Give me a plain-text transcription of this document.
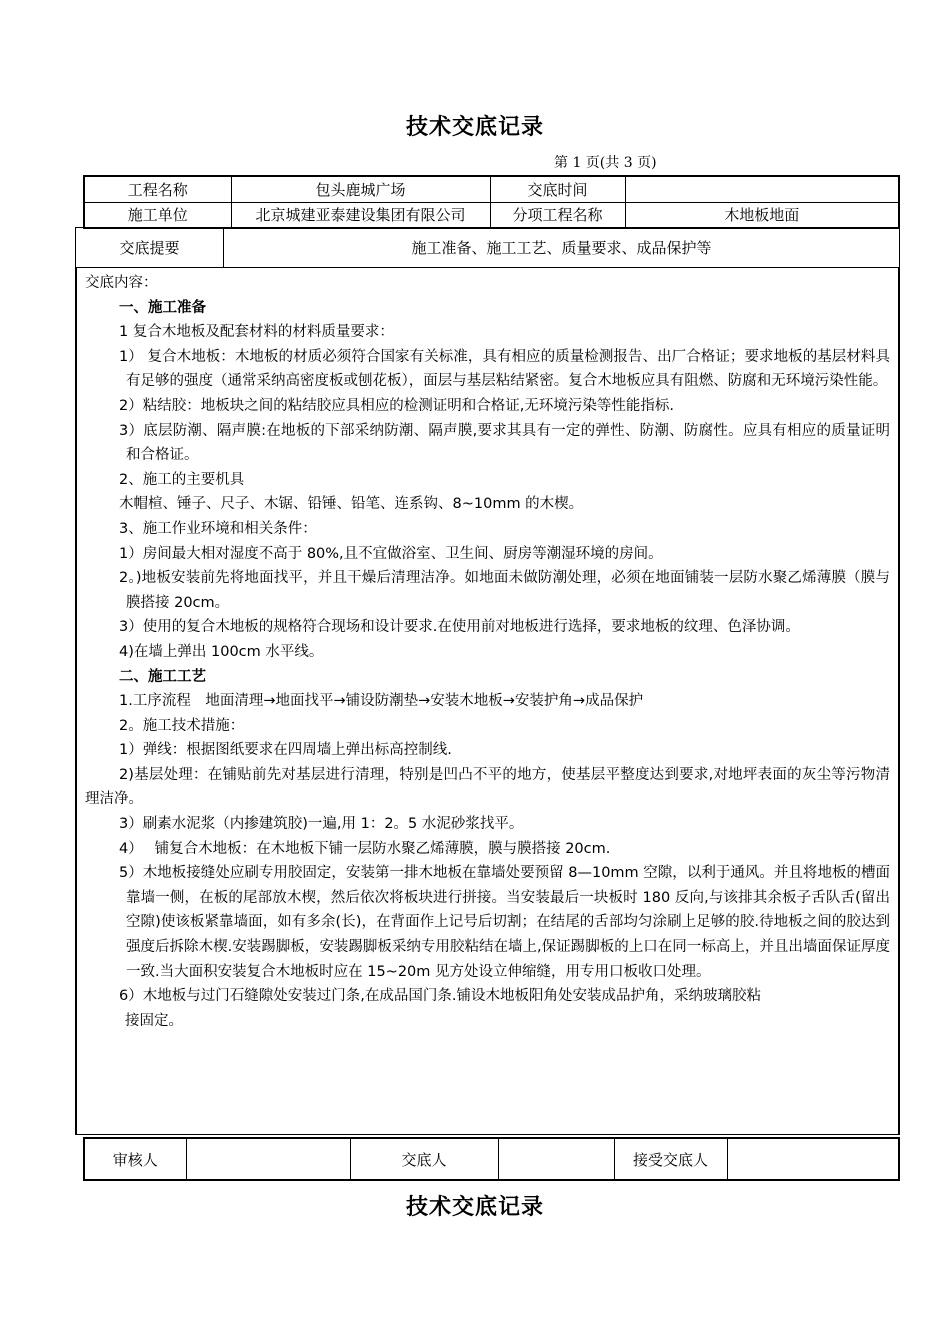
技术交底记录
第 1 页(共 3 页)
工程名称	包头鹿城广场	交底时间	
施工单位	北京城建亚泰建设集团有限公司	分项工程名称	木地板地面
交底提要	施工准备、施工工艺、质量要求、成品保护等

交底内容：

一、施工准备

1 复合木地板及配套材料的材料质量要求：

1） 复合木地板：木地板的材质必须符合国家有关标准，具有相应的质量检测报告、出厂合格证；要求地板的基层材料具有足够的强度（通常采纳高密度板或刨花板），面层与基层粘结紧密。复合木地板应具有阻燃、防腐和无环境污染性能。

2）粘结胶：地板块之间的粘结胶应具相应的检测证明和合格证,无环境污染等性能指标.

3）底层防潮、隔声膜:在地板的下部采纳防潮、隔声膜,要求其具有一定的弹性、防潮、防腐性。应具有相应的质量证明和合格证。

2、施工的主要机具

木帽楦、锤子、尺子、木锯、铅锤、铅笔、连系钩、8~10mm 的木楔。

3、施工作业环境和相关条件：

1）房间最大相对湿度不高于 80%,且不宜做浴室、卫生间、厨房等潮湿环境的房间。

2。)地板安装前先将地面找平，并且干燥后清理洁净。如地面未做防潮处理，必须在地面铺装一层防水聚乙烯薄膜（膜与膜搭接 20cm。

3）使用的复合木地板的规格符合现场和设计要求.在使用前对地板进行选择，要求地板的纹理、色泽协调。

4)在墙上弹出 100cm 水平线。

二、施工工艺

1.工序流程　地面清理→地面找平→铺设防潮垫→安装木地板→安装护角→成品保护

2。施工技术措施：

1）弹线：根据图纸要求在四周墙上弹出标高控制线.

2)基层处理：在铺贴前先对基层进行清理，特别是凹凸不平的地方，使基层平整度达到要求,对地坪表面的灰尘等污物清理洁净。

3）刷素水泥浆（内掺建筑胶)一遍,用 1：2。5 水泥砂浆找平。

4）　 铺复合木地板：在木地板下铺一层防水聚乙烯薄膜，膜与膜搭接 20cm.

5）木地板接缝处应刷专用胶固定，安装第一排木地板在靠墙处要预留 8—10mm 空隙，以利于通风。并且将地板的槽面靠墙一侧，在板的尾部放木楔，然后依次将板块进行拼接。当安装最后一块板时 180 反向,与该排其余板子舌队舌(留出空隙)使该板紧靠墙面，如有多余(长)，在背面作上记号后切割；在结尾的舌部均匀涂刷上足够的胶.待地板之间的胶达到强度后拆除木楔.安装踢脚板，安装踢脚板采纳专用胶粘结在墙上,保证踢脚板的上口在同一标高上，并且出墙面保证厚度一致.当大面积安装复合木地板时应在 15~20m 见方处设立伸缩缝，用专用口板收口处理。

6）木地板与过门石缝隙处安装过门条,在成品国门条.铺设木地板阳角处安装成品护角，采纳玻璃胶粘

接固定。

审核人		交底人		接受交底人	
技术交底记录
